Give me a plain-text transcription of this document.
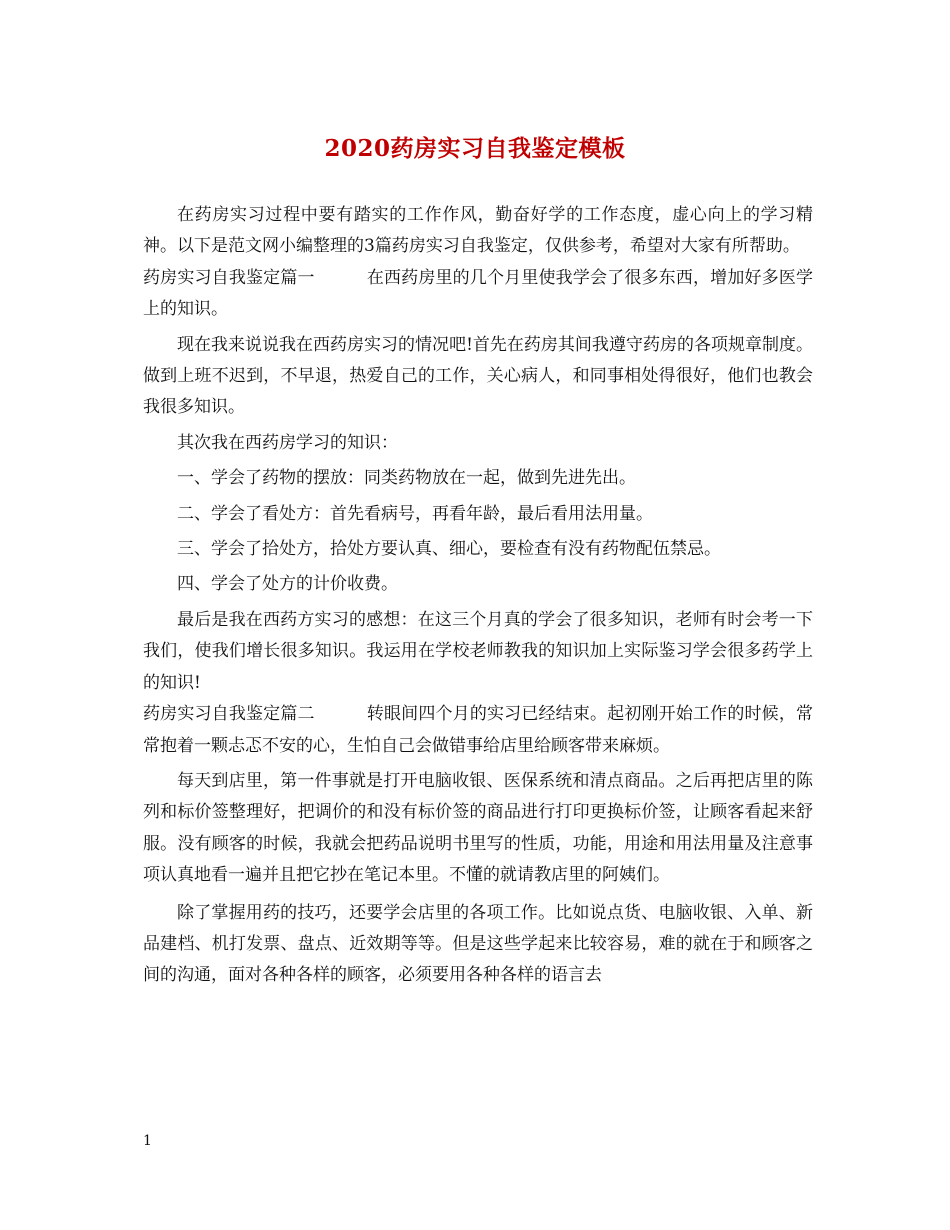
2020药房实习自我鉴定模板

在药房实习过程中要有踏实的工作作风，勤奋好学的工作态度，虚心向上的学习精神。以下是范文网小编整理的3篇药房实习自我鉴定，仅供参考，希望对大家有所帮助。

药房实习自我鉴定篇一	在西药房里的几个月里使我学会了很多东西，增加好多医学上的知识。

现在我来说说我在西药房实习的情况吧!首先在药房其间我遵守药房的各项规章制度。做到上班不迟到，不早退，热爱自己的工作，关心病人，和同事相处得很好，他们也教会我很多知识。

其次我在西药房学习的知识：

一、学会了药物的摆放：同类药物放在一起，做到先进先出。

二、学会了看处方：首先看病号，再看年龄，最后看用法用量。

三、学会了拾处方，拾处方要认真、细心，要检查有没有药物配伍禁忌。

四、学会了处方的计价收费。

最后是我在西药方实习的感想：在这三个月真的学会了很多知识，老师有时会考一下我们，使我们增长很多知识。我运用在学校老师教我的知识加上实际鉴习学会很多药学上的知识!

药房实习自我鉴定篇二	转眼间四个月的实习已经结束。起初刚开始工作的时候，常常抱着一颗忐忑不安的心，生怕自己会做错事给店里给顾客带来麻烦。

每天到店里，第一件事就是打开电脑收银、医保系统和清点商品。之后再把店里的陈列和标价签整理好，把调价的和没有标价签的商品进行打印更换标价签，让顾客看起来舒服。没有顾客的时候，我就会把药品说明书里写的性质，功能，用途和用法用量及注意事项认真地看一遍并且把它抄在笔记本里。不懂的就请教店里的阿姨们。

除了掌握用药的技巧，还要学会店里的各项工作。比如说点货、电脑收银、入单、新品建档、机打发票、盘点、近效期等等。但是这些学起来比较容易，难的就在于和顾客之间的沟通，面对各种各样的顾客，必须要用各种各样的语言去

1
